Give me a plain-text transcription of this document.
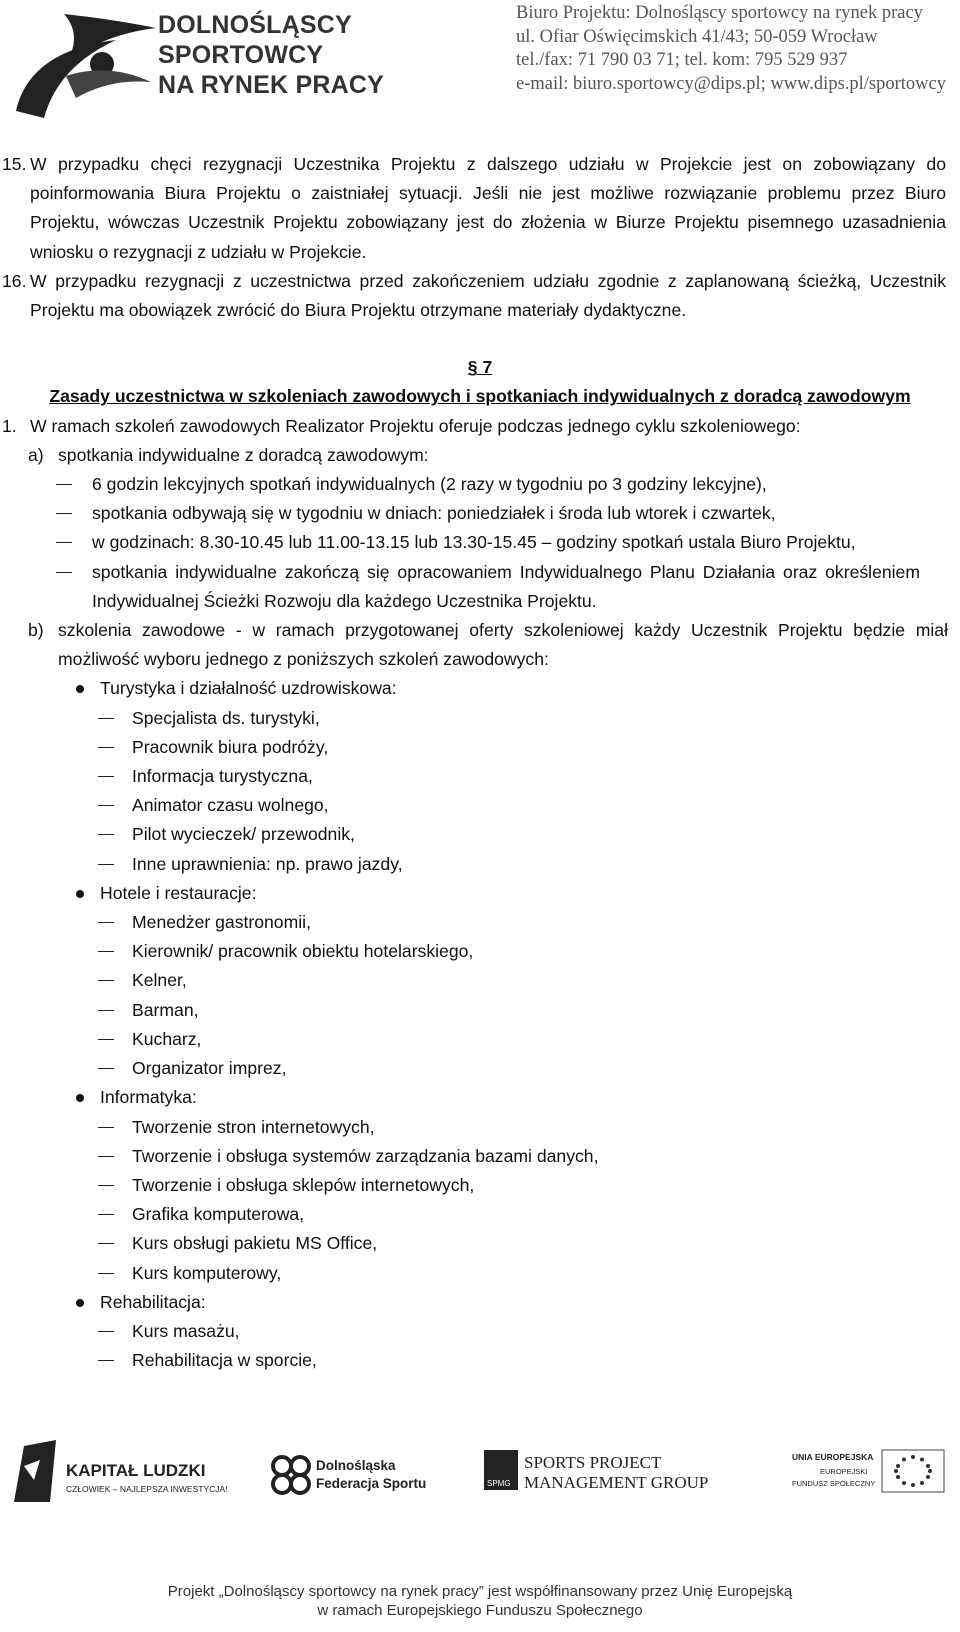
DOLNOŚLĄSCY
SPORTOWCY
NA RYNEK PRACY
Biuro Projektu: Dolnośląscy sportowcy na rynek pracy
ul. Ofiar Oświęcimskich 41/43; 50-059 Wrocław
tel./fax: 71 790 03 71; tel. kom: 795 529 937
e-mail: biuro.sportowcy@dips.pl; www.dips.pl/sportowcy

15. W przypadku chęci rezygnacji Uczestnika Projektu z dalszego udziału w Projekcie jest on zobowiązany do poinformowania Biura Projektu o zaistniałej sytuacji. Jeśli nie jest możliwe rozwiązanie problemu przez Biuro Projektu, wówczas Uczestnik Projektu zobowiązany jest do złożenia w Biurze Projektu pisemnego uzasadnienia wniosku o rezygnacji z udziału w Projekcie.

16. W przypadku rezygnacji z uczestnictwa przed zakończeniem udziału zgodnie z zaplanowaną ścieżką, Uczestnik Projektu ma obowiązek zwrócić do Biura Projektu otrzymane materiały dydaktyczne.

§ 7
Zasady uczestnictwa w szkoleniach zawodowych i spotkaniach indywidualnych z doradcą zawodowym

1. W ramach szkoleń zawodowych Realizator Projektu oferuje podczas jednego cyklu szkoleniowego:

a) spotkania indywidualne z doradcą zawodowym:
6 godzin lekcyjnych spotkań indywidualnych (2 razy w tygodniu po 3 godziny lekcyjne),
spotkania odbywają się w tygodniu w dniach: poniedziałek i środa lub wtorek i czwartek,
w godzinach: 8.30-10.45 lub 11.00-13.15 lub 13.30-15.45 – godziny spotkań ustala Biuro Projektu,
spotkania indywidualne zakończą się opracowaniem Indywidualnego Planu Działania oraz określeniem Indywidualnej Ścieżki Rozwoju dla każdego Uczestnika Projektu.
b) szkolenia zawodowe - w ramach przygotowanej oferty szkoleniowej każdy Uczestnik Projektu będzie miał możliwość wyboru jednego z poniższych szkoleń zawodowych:
Turystyka i działalność uzdrowiskowa:
Specjalista ds. turystyki,
Pracownik biura podróży,
Informacja turystyczna,
Animator czasu wolnego,
Pilot wycieczek/ przewodnik,
Inne uprawnienia: np. prawo jazdy,
Hotele i restauracje:
Menedżer gastronomii,
Kierownik/ pracownik obiektu hotelarskiego,
Kelner,
Barman,
Kucharz,
Organizator imprez,
Informatyka:
Tworzenie stron internetowych,
Tworzenie i obsługa systemów zarządzania bazami danych,
Tworzenie i obsługa sklepów internetowych,
Grafika komputerowa,
Kurs obsługi pakietu MS Office,
Kurs komputerowy,
Rehabilitacja:
Kurs masażu,
Rehabilitacja w sporcie,
KAPITAŁ LUDZKI
CZŁOWIEK – NAJLEPSZA INWESTYCJA!
Dolnośląska
Federacja Sportu	SPMG
SPORTS PROJECT
MANAGEMENT GROUP
UNIA EUROPEJSKA
EUROPEJSKI
FUNDUSZ SPOŁECZNY
Projekt „Dolnośląscy sportowcy na rynek pracy” jest współfinansowany przez Unię Europejską
w ramach Europejskiego Funduszu Społecznego
